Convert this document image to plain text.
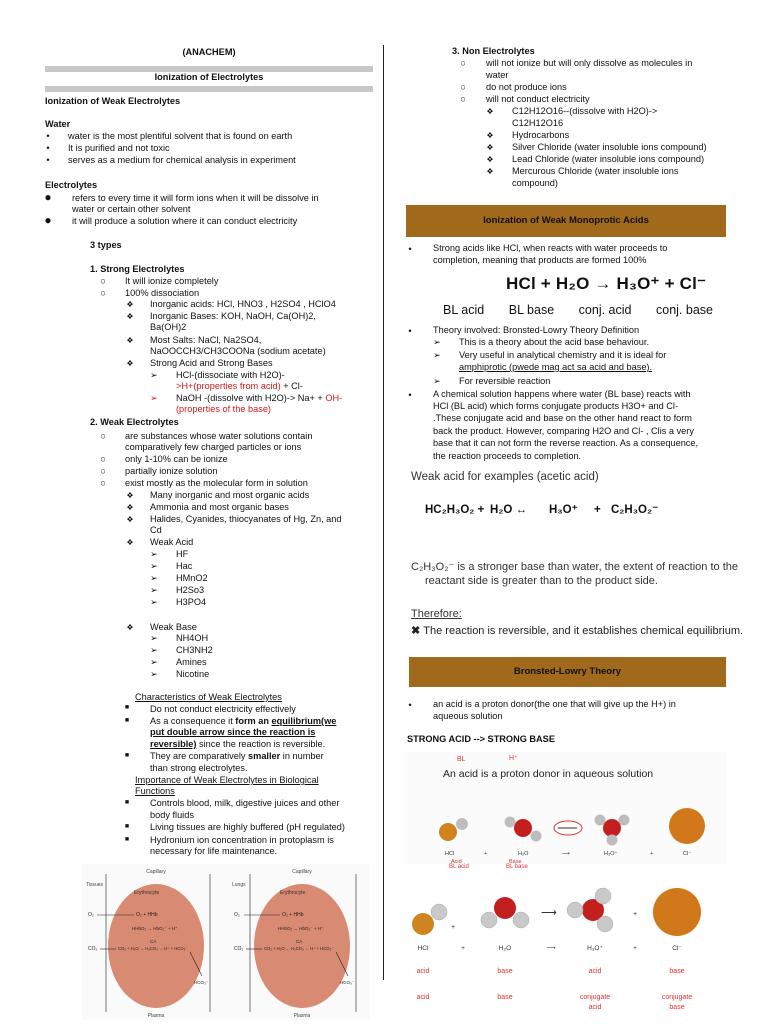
(ANACHEM)
Ionization of Electrolytes
Ionization of Weak Electrolytes
Water
•	water is the most plentiful solvent that is found on earth
•	It is purified and not toxic
•	serves as a medium for chemical analysis in experiment
Electrolytes
● refers to every time it will form ions when it will be dissolve in
water or certain other solvent
● it will produce a solution where it can conduct electricity
3 types
1. Strong Electrolytes
○	It will ionize completely
○	100% dissociation
❖ Inorganic acids: HCl, HNO3 , H2SO4 , HClO4
❖ Inorganic Bases: KOH, NaOH, Ca(OH)2,
Ba(OH)2
❖ Most Salts: NaCl, Na2SO4,
NaOOCCH3/CH3COONa (sodium acetate)
❖ Strong Acid and Strong Bases
➢ HCl-(dissociate with H2O)-
>H+(properties from acid) + Cl-
➢ NaOH -(dissolve with H2O)-> Na+ + OH-
(properties of the base)
2. Weak Electrolytes
○	are substances whose water solutions contain
comparatively few charged particles or ions
○	only 1-10% can be ionize
○	partially ionize solution
○	exist mostly as the molecular form in solution
❖ Many inorganic and most organic acids
❖ Ammonia and most organic bases
❖ Halides, Cyanides, thiocyanates of Hg, Zn, and
Cd
❖ Weak Acid
➢ HF
➢ Hac
➢ HMnO2
➢ H2So3
➢ H3PO4
❖ Weak Base
➢ NH4OH
➢ CH3NH2
➢ Amines
➢ Nicotine
Characteristics of Weak Electrolytes
■	Do not conduct electricity effectively
■	As a consequence it form an equilibrium(we
put double arrow since the reaction is
reversible) since the reaction is reversible.
■	They are comparatively smaller in number
than strong electrolytes.
Importance of Weak Electrolytes in Biological
Functions
■	Controls blood, milk, digestive juices and other
body fluids
■	Living tissues are highly buffered (pH regulated)
■	Hydronium ion concentration in protoplasm is
necessary for life maintenance.
Capillary
Tissues
Erythrocyte
Plasma
O₂	O₂ + HHb
HHbO₂ → HbO₂⁻ + H⁺
CA
CO₂	CO₂ + H₂O → H₂CO₃ → H⁺ + HCO₃⁻
HCO₃⁻
Capillary
Lungs
Erythrocyte
Plasma
O₂	O₂ + HHb
HHbO₂ ← HbO₂⁻ + H⁺
CA
CO₂	CO₂ + H₂O ← H₂CO₃ ← H⁺ + HCO₃⁻
HCO₃⁻
3. Non Electrolytes
○	will not ionize but will only dissolve as molecules in
water
○	do not produce ions
○	will not conduct electricity
❖ C12H12O16--(dissolve with H2O)->
C12H12O16
❖ Hydrocarbons
❖ Silver Chloride (water insoluble ions compound)
❖ Lead Chloride (water insoluble ions compound)
❖ Mercurous Chloride (water insoluble ions
compound)
Ionization of Weak Monoprotic Acids
•	Strong acids like HCl, when reacts with water proceeds to
completion, meaning that products are formed 100%
HCl + H₂O → H₃O⁺ + Cl⁻
BL acid BL base conj. acid conj. base
•	Theory involved: Bronsted-Lowry Theory Definition
➢ This is a theory about the acid base behaviour.
➢ Very useful in analytical chemistry and it is ideal for
amphiprotic (pwede mag act sa acid and base).
➢ For reversible reaction
•	A chemical solution happens where water (BL base) reacts with
HCl (BL acid) which forms conjugate products H3O+ and Cl-
.These conjugate acid and base on the other hand react to form
back the product. However, comparing H2O and Cl- , Clis a very
base that it can not form the reverse reaction. As a consequence,
the reaction proceeds to completion.
Weak acid for examples (acetic acid)
HC₂H₃O₂ + H₂O ↔ H₃O⁺ + C₂H₃O₂⁻
C₂H₃O₂⁻ is a stronger base than water, the extent of reaction to the
reactant side is greater than to the product side.
Therefore:
✖ The reaction is reversible, and it establishes chemical equilibrium.
Bronsted-Lowry Theory
•	an acid is a proton donor(the one that will give up the H+) in
aqueous solution
STRONG ACID --> STRONG BASE
BL	H⁺
An acid is a proton donor in aqueous solution
HCl	+	H₂O	⟶	H₃O⁺	+	Cl⁻
Acid	Base
BL acid	BL base
HCl	+	H₂O	⟶	H₃O⁺	+	Cl⁻
+
⟶	+
acid	base	acid	base
acid	base	conjugate	conjugate
acid	base
